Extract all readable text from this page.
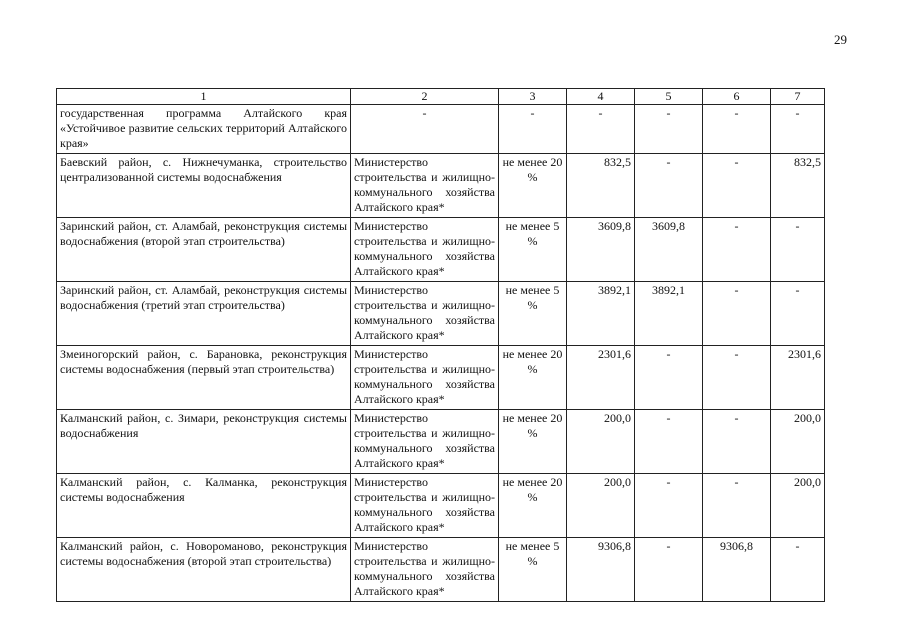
29
1	2	3	4	5	6	7
государственная программа Алтайского края «Устойчивое развитие сельских территорий Алтайского края»	-	-	-	-	-	-
Баевский район, с. Нижнечуманка, строительство централизованной системы водоснабжения	Министерство строительства и жилищно-коммунального хозяйства Алтайского края*	не менее 20 %	832,5	-	-	832,5
Заринский район, ст. Аламбай, реконструкция системы водоснабжения (второй этап строительства)	Министерство строительства и жилищно-коммунального хозяйства Алтайского края*	не менее 5 %	3609,8	3609,8	-	-
Заринский район, ст. Аламбай, реконструкция системы водоснабжения (третий этап строительства)	Министерство строительства и жилищно-коммунального хозяйства Алтайского края*	не менее 5 %	3892,1	3892,1	-	-
Змеиногорский район, с. Барановка, реконструкция системы водоснабжения (первый этап строительства)	Министерство строительства и жилищно-коммунального хозяйства Алтайского края*	не менее 20 %	2301,6	-	-	2301,6
Калманский район, с. Зимари, реконструкция системы водоснабжения	Министерство строительства и жилищно-коммунального хозяйства Алтайского края*	не менее 20 %	200,0	-	-	200,0
Калманский район, с. Калманка, реконструкция системы водоснабжения	Министерство строительства и жилищно-коммунального хозяйства Алтайского края*	не менее 20 %	200,0	-	-	200,0
Калманский район, с. Новороманово, реконструкция системы водоснабжения (второй этап строительства)	Министерство строительства и жилищно-коммунального хозяйства Алтайского края*	не менее 5 %	9306,8	-	9306,8	-
